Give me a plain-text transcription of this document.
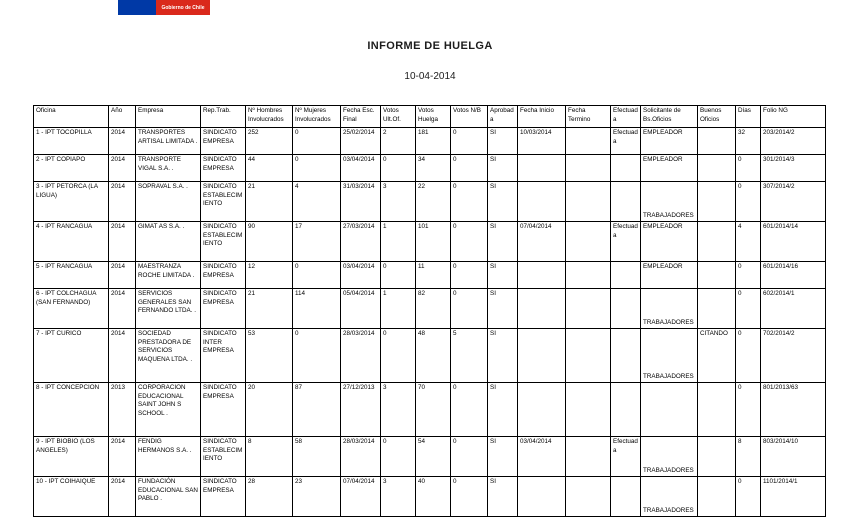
Gobierno de Chile
INFORME DE HUELGA
10-04-2014
Oficina	Año	Empresa	Rep.Trab.	Nº Hombres Involucrados	Nº Mujeres Involucrados	Fecha Esc. Final	Votos Ult.Of.	Votos Huelga	Votos N/B	Aprobada	Fecha Inicio	Fecha Termino	Efectuada	Solicitante de Bs.Oficios	Buenos Oficios	Días	Folio NG
1 - IPT TOCOPILLA	2014	TRANSPORTES ARTISAL LIMITADA .	SINDICATO EMPRESA	252	0	25/02/2014	2	181	0	SI	10/03/2014		Efectuada	EMPLEADOR		32	203/2014/2
2 - IPT COPIAPO	2014	TRANSPORTE VIGAL S.A. .	SINDICATO EMPRESA	44	0	03/04/2014	0	34	0	SI				EMPLEADOR		0	301/2014/3
3 - IPT PETORCA (LA LIGUA)	2014	SOPRAVAL S.A. .	SINDICATO ESTABLECIMIENTO	21	4	31/03/2014	3	22	0	SI				TRABAJADORES		0	307/2014/2
4 - IPT RANCAGUA	2014	GIMAT AS S.A. .	SINDICATO ESTABLECIMIENTO	90	17	27/03/2014	1	101	0	SI	07/04/2014		Efectuada	EMPLEADOR		4	601/2014/14
5 - IPT RANCAGUA	2014	MAESTRANZA ROCHE LIMITADA .	SINDICATO EMPRESA	12	0	03/04/2014	0	11	0	SI				EMPLEADOR		0	601/2014/16
6 - IPT COLCHAGUA (SAN FERNANDO)	2014	SERVICIOS GENERALES SAN FERNANDO LTDA. .	SINDICATO EMPRESA	21	114	05/04/2014	1	82	0	SI				TRABAJADORES		0	602/2014/1
7 - IPT CURICO	2014	SOCIEDAD PRESTADORA DE SERVICIOS MAQUENA LTDA. .	SINDICATO INTER EMPRESA	53	0	28/03/2014	0	48	5	SI				TRABAJADORES	CITANDO	0	702/2014/2
8 - IPT CONCEPCION	2013	CORPORACION EDUCACIONAL SAINT JOHN S SCHOOL .	SINDICATO EMPRESA	20	87	27/12/2013	3	70	0	SI						0	801/2013/63
9 - IPT BIOBIO (LOS ANGELES)	2014	FENDIG HERMANOS S.A. .	SINDICATO ESTABLECIMIENTO	8	58	28/03/2014	0	54	0	SI	03/04/2014		Efectuada	TRABAJADORES		8	803/2014/10
10 - IPT COIHAIQUE	2014	FUNDACIÓN EDUCACIONAL SAN PABLO .	SINDICATO EMPRESA	28	23	07/04/2014	3	40	0	SI				TRABAJADORES		0	1101/2014/1
